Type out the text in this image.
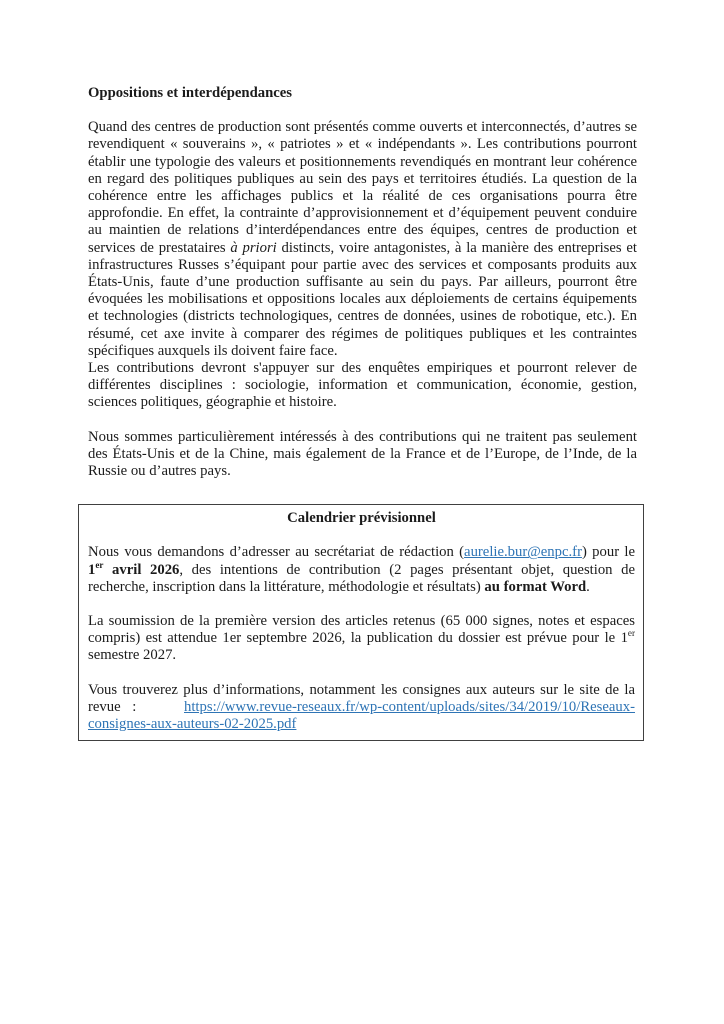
Oppositions et interdépendances

Quand des centres de production sont présentés comme ouverts et interconnectés, d’autres se revendiquent « souverains », « patriotes » et « indépendants ». Les contributions pourront établir une typologie des valeurs et positionnements revendiqués en montrant leur cohérence en regard des politiques publiques au sein des pays et territoires étudiés. La question de la cohérence entre les affichages publics et la réalité de ces organisations pourra être approfondie. En effet, la contrainte d’approvisionnement et d’équipement peuvent conduire au maintien de relations d’interdépendances entre des équipes, centres de production et services de prestataires à priori distincts, voire antagonistes, à la manière des entreprises et infrastructures Russes s’équipant pour partie avec des services et composants produits aux États-Unis, faute d’une production suffisante au sein du pays. Par ailleurs, pourront être évoquées les mobilisations et oppositions locales aux déploiements de certains équipements et technologies (districts technologiques, centres de données, usines de robotique, etc.). En résumé, cet axe invite à comparer des régimes de politiques publiques et les contraintes spécifiques auxquels ils doivent faire face.

Les contributions devront s'appuyer sur des enquêtes empiriques et pourront relever de différentes disciplines : sociologie, information et communication, économie, gestion, sciences politiques, géographie et histoire.

Nous sommes particulièrement intéressés à des contributions qui ne traitent pas seulement des États-Unis et de la Chine, mais également de la France et de l’Europe, de l’Inde, de la Russie ou d’autres pays.

Calendrier prévisionnel

Nous vous demandons d’adresser au secrétariat de rédaction (aurelie.bur@enpc.fr) pour le 1er avril 2026, des intentions de contribution (2 pages présentant objet, question de recherche, inscription dans la littérature, méthodologie et résultats) au format Word.

La soumission de la première version des articles retenus (65 000 signes, notes et espaces compris) est attendue 1er septembre 2026, la publication du dossier est prévue pour le 1er semestre 2027.

Vous trouverez plus d’informations, notamment les consignes aux auteurs sur le site de la revue : https://www.revue-reseaux.fr/wp-content/uploads/sites/34/2019/10/Reseaux-consignes-aux-auteurs-02-2025.pdf
